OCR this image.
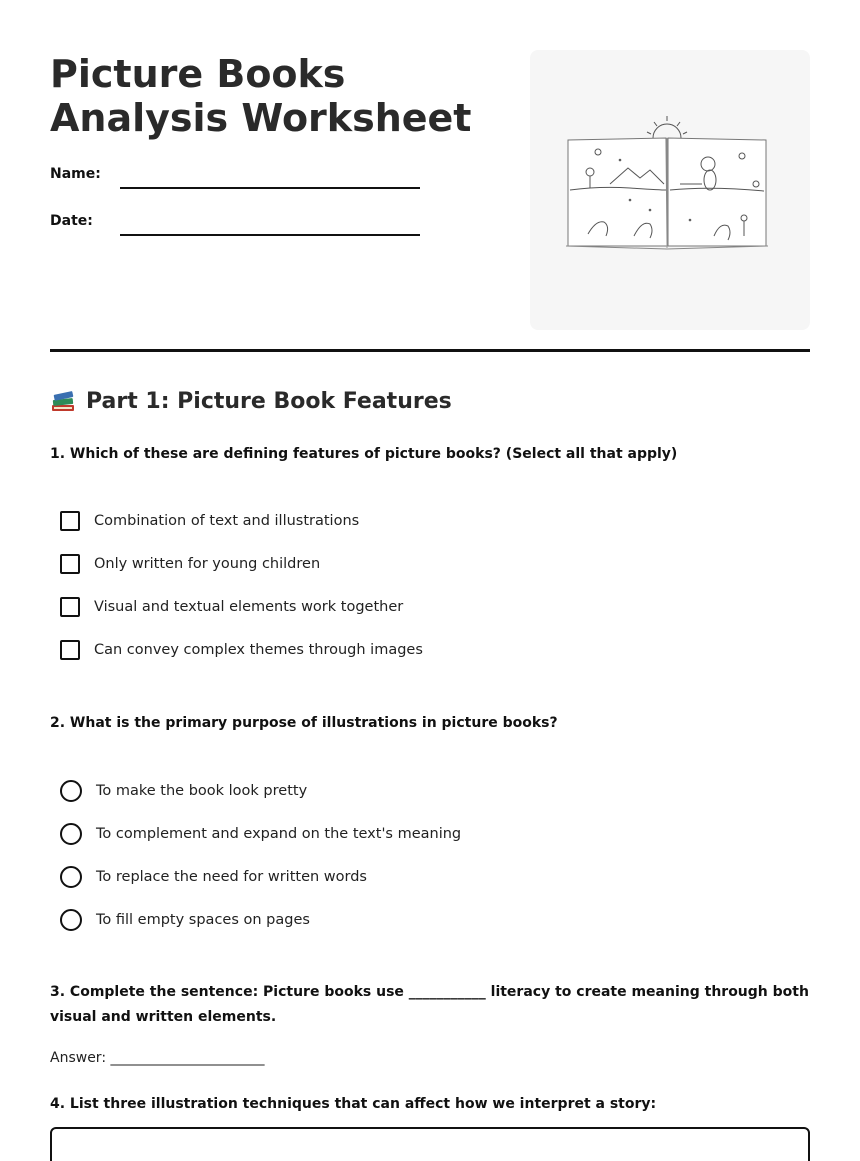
Picture Books Analysis Worksheet
Name:
Date:
Part 1: Picture Book Features

1. Which of these are defining features of picture books? (Select all that apply)

Combination of text and illustrations
Only written for young children
Visual and textual elements work together
Can convey complex themes through images

2. What is the primary purpose of illustrations in picture books?

To make the book look pretty
To complement and expand on the text's meaning
To replace the need for written words
To fill empty spaces on pages

3. Complete the sentence: Picture books use ___________ literacy to create meaning through both visual and written elements.

Answer: ______________________

4. List three illustration techniques that can affect how we interpret a story:
